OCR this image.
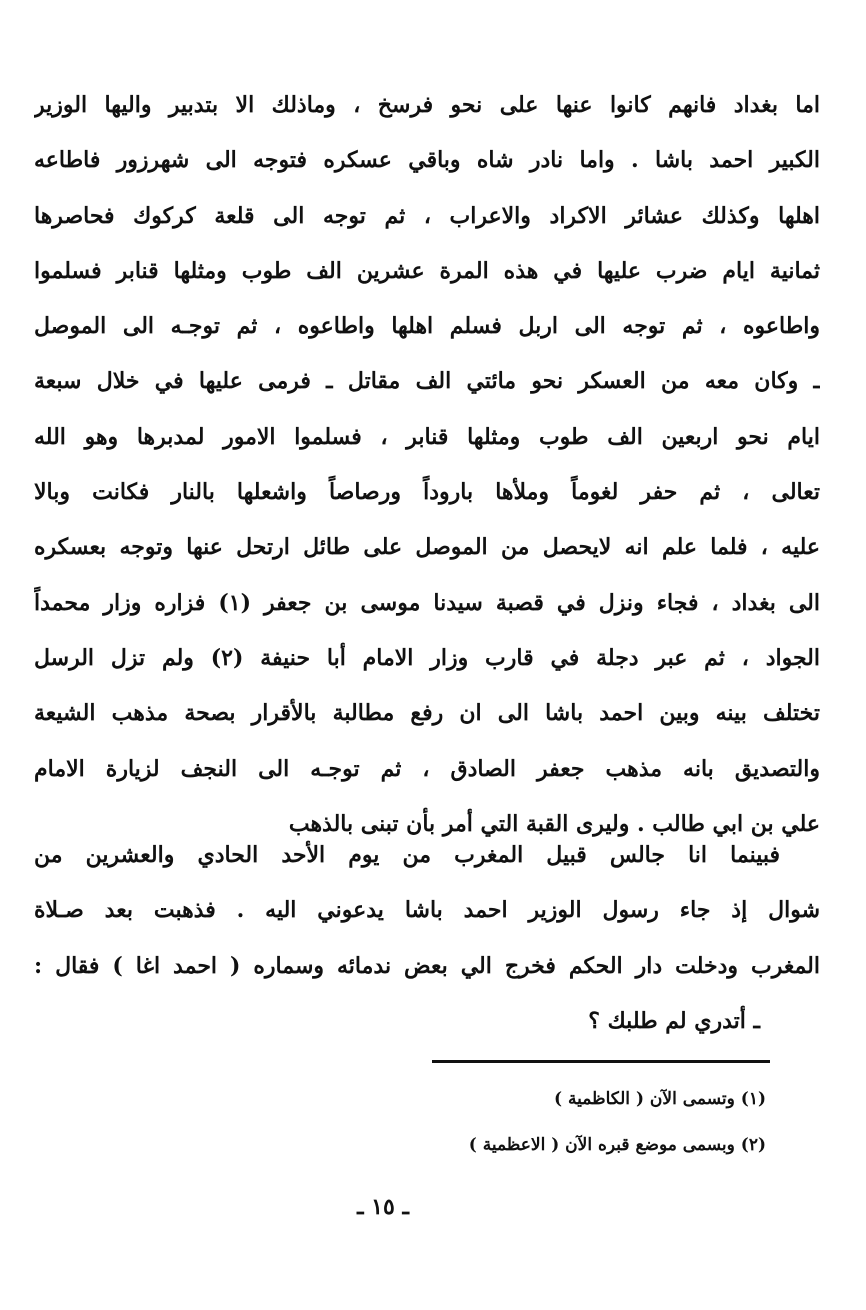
اما بغداد فانهم كانوا عنها على نحو فرسخ ، وماذلك الا بتدبير واليها الوزير
الكبير احمد باشا . واما نادر شاه وباقي عسكره فتوجه الى شهرزور فاطاعه
اهلها وكذلك عشائر الاكراد والاعراب ، ثم توجه الى قلعة كركوك فحاصرها
ثمانية ايام ضرب عليها في هذه المرة عشرين الف طوب ومثلها قنابر فسلموا
واطاعوه ، ثم توجه الى اربل فسلم اهلها واطاعوه ، ثم توجـه الى الموصل
ـ وكان معه من العسكر نحو مائتي الف مقاتل ـ فرمى عليها في خلال سبعة
ايام نحو اربعين الف طوب ومثلها قنابر ، فسلموا الامور لمدبرها وهو الله
تعالى ، ثم حفر لغوماً وملأها باروداً ورصاصاً واشعلها بالنار فكانت وبالا
عليه ، فلما علم انه لايحصل من الموصل على طائل ارتحل عنها وتوجه بعسكره
الى بغداد ، فجاء ونزل في قصبة سيدنا موسى بن جعفر (١) فزاره وزار محمداً
الجواد ، ثم عبر دجلة في قارب وزار الامام أبا حنيفة (٢) ولم تزل الرسل
تختلف بينه وبين احمد باشا الى ان رفع مطالبة بالأقرار بصحة مذهب الشيعة
والتصديق بانه مذهب جعفر الصادق ، ثم توجـه الى النجف لزيارة الامام
علي بن ابي طالب . وليرى القبة التي أمر بأن تبنى بالذهب
فبينما انا جالس قبيل المغرب من يوم الأحد الحادي والعشرين من
شوال إذ جاء رسول الوزير احمد باشا يدعوني اليه . فذهبت بعد صـلاة
المغرب ودخلت دار الحكم فخرج الي بعض ندمائه وسماره ( احمد اغا ) فقال :
ـ أتدري لم طلبك ؟
(١) وتسمى الآن ( الكاظمية )
(٢) وبسمى موضع قبره الآن ( الاعظمية )
ـ ١٥ ـ
